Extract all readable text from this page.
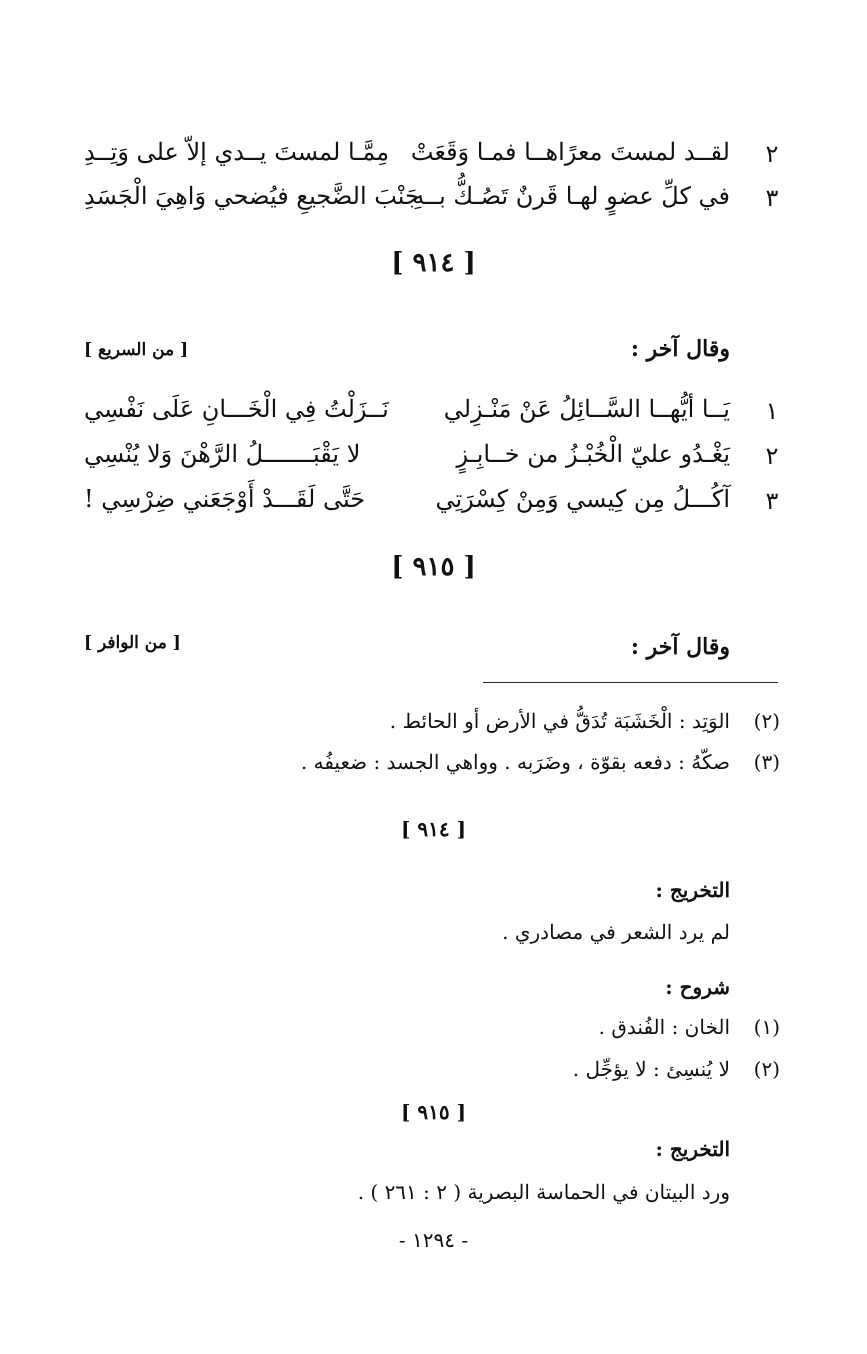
٢
لقــد لمستَ معرًاهــا فمـا وَقَعَتْ
مِمَّـا لمستَ يــدي إلاّ على وَتِــدِ
٣
في كلِّ عضوٍ لهـا قَرنٌ تَصُـكُّ بــهِ
جَنْبَ الضَّجيعِ فيُضحي وَاهِيَ الْجَسَدِ
[ ٩١٤ ]
وقال آخر :
[ من السريع ]
١
يَــا أيُّهــا السَّــائِلُ عَنْ مَنْـزِلي
نَــزَلْتُ فِي الْخَـــانِ عَلَى نَفْسِي
٢
يَغْـدُو عليّ الْخُبْـزُ من خــابِـزٍ
لا يَقْبَـــــــلُ الرَّهْنَ وَلا يُنْسِي
٣
آكُـــلُ مِن كِيسي وَمِنْ كِسْرَتِي
حَتَّى لَقَـــدْ أَوْجَعَني ضِرْسِي !
[ ٩١٥ ]
وقال آخر :
[ من الوافر ]
(٢)
الوَتِد : الْخَشَبَة تُدَقُّ في الأرض أو الحائط .
(٣)
صكّهُ : دفعه بقوّة ، وضَرَبه . وواهي الجسد : ضعيفُه .
[ ٩١٤ ]
التخريج :
لم يرد الشعر في مصادري .
شروح :
(١)
الخان : الفُندق .
(٢)
لا يُنسِئ : لا يؤجِّل .
[ ٩١٥ ]
التخريج :
ورد البيتان في الحماسة البصرية ( ٢ : ٢٦١ ) .
- ١٢٩٤ -
